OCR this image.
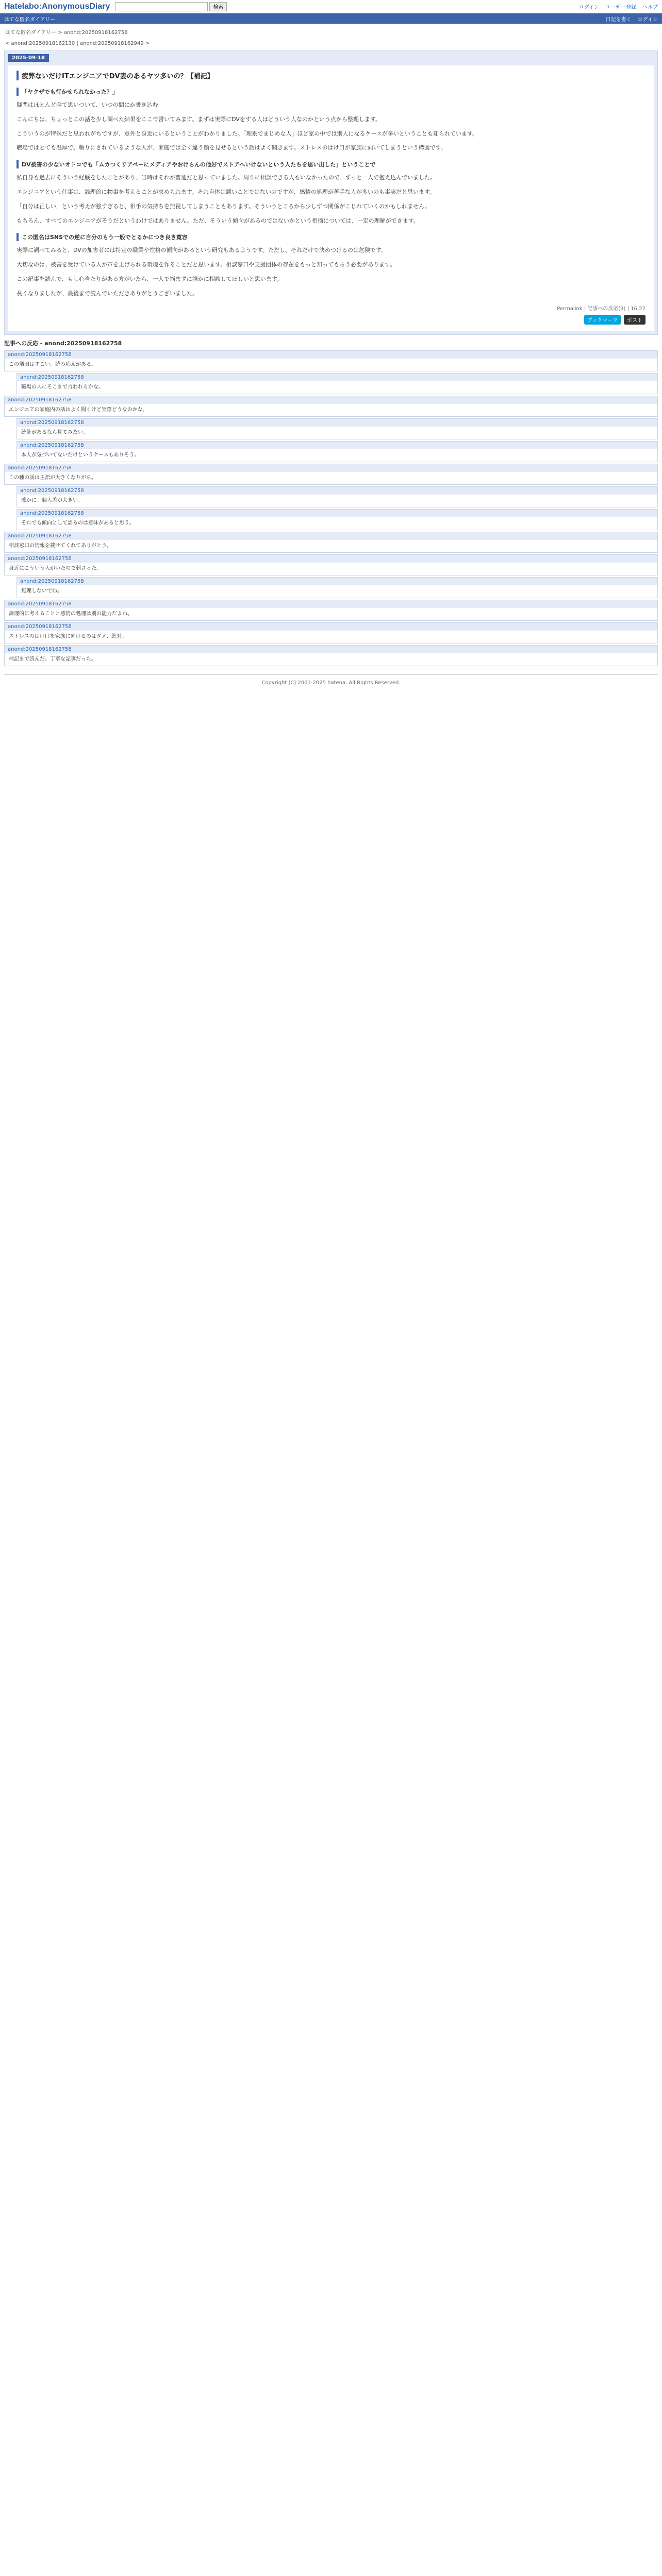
Hatelabo:AnonymousDiary	検索	ログイン ユーザー登録 ヘルプ
はてな匿名ダイアリー	日記を書く ログイン
はてな匿名ダイアリー > anond:20250918162758
< anond:20250918162130 | anond:20250918162949 >
2025-09-18
疲弊ないだけITエンジニアでDV妻のあるヤツ多いの？【補記】
「ヤクザでも行かせられなかった？」

疑問はほとんど全て思いついて、いつの間にか書き込む

こんにちは、ちょっとこの話を少し調べた結果をここで書いてみます。まずは実際にDVをする人はどういう人なのかという点から整理します。

こういうのが特殊だと思われがちですが、意外と身近にいるということがわかりました。「理系でまじめな人」ほど家の中では別人になるケースが多いということも知られています。

職場ではとても温厚で、頼りにされているような人が、家庭では全く違う顔を見せるという話はよく聞きます。ストレスのはけ口が家族に向いてしまうという構図です。

DV被害の少ないオトコでも「ムカつくリアペーにメディアやおけらんの他好でストアへいけないという人たちを思い出した」ということで

私自身も過去にそういう経験をしたことがあり、当時はそれが普通だと思っていました。周りに相談できる人もいなかったので、ずっと一人で抱え込んでいました。

エンジニアという仕事は、論理的に物事を考えることが求められます。それ自体は悪いことではないのですが、感情の処理が苦手な人が多いのも事実だと思います。

「自分は正しい」という考えが強すぎると、相手の気持ちを無視してしまうこともあります。そういうところから少しずつ関係がこじれていくのかもしれません。

もちろん、すべてのエンジニアがそうだというわけではありません。ただ、そういう傾向があるのではないかという指摘については、一定の理解ができます。

この匿名はSNSでの逆に自分のもう一般でとるかにつき良き寛容

実際に調べてみると、DVの加害者には特定の職業や性格の傾向があるという研究もあるようです。ただし、それだけで決めつけるのは危険です。

大切なのは、被害を受けている人が声を上げられる環境を作ることだと思います。相談窓口や支援団体の存在をもっと知ってもらう必要があります。

この記事を読んで、もし心当たりがある方がいたら、一人で悩まずに誰かに相談してほしいと思います。

長くなりましたが、最後まで読んでいただきありがとうございました。

Permalink | 記事への反応(3) | 16:27
ブックマーク	ポスト
記事への反応 - anond:20250918162758
anond:20250918162758
この増田はすごい。読み応えがある。
anond:20250918162758
職場の人にそこまで言われるかな。
anond:20250918162758
エンジニアの家庭内の話はよく聞くけど実際どうなのかな。
anond:20250918162758
統計があるなら見てみたい。
anond:20250918162758
本人が気づいてないだけというケースもありそう。
anond:20250918162758
この種の話は主語が大きくなりがち。
anond:20250918162758
確かに。個人差が大きい。
anond:20250918162758
それでも傾向として語るのは意味があると思う。
anond:20250918162758
相談窓口の情報を載せてくれてありがとう。
anond:20250918162758
身近にこういう人がいたので刺さった。
anond:20250918162758
無理しないでね。
anond:20250918162758
論理的に考えることと感情の処理は別の能力だよね。
anond:20250918162758
ストレスのはけ口を家族に向けるのはダメ、絶対。
anond:20250918162758
補記まで読んだ。丁寧な記事だった。
Copyright (C) 2001-2025 hatena. All Rights Reserved.
